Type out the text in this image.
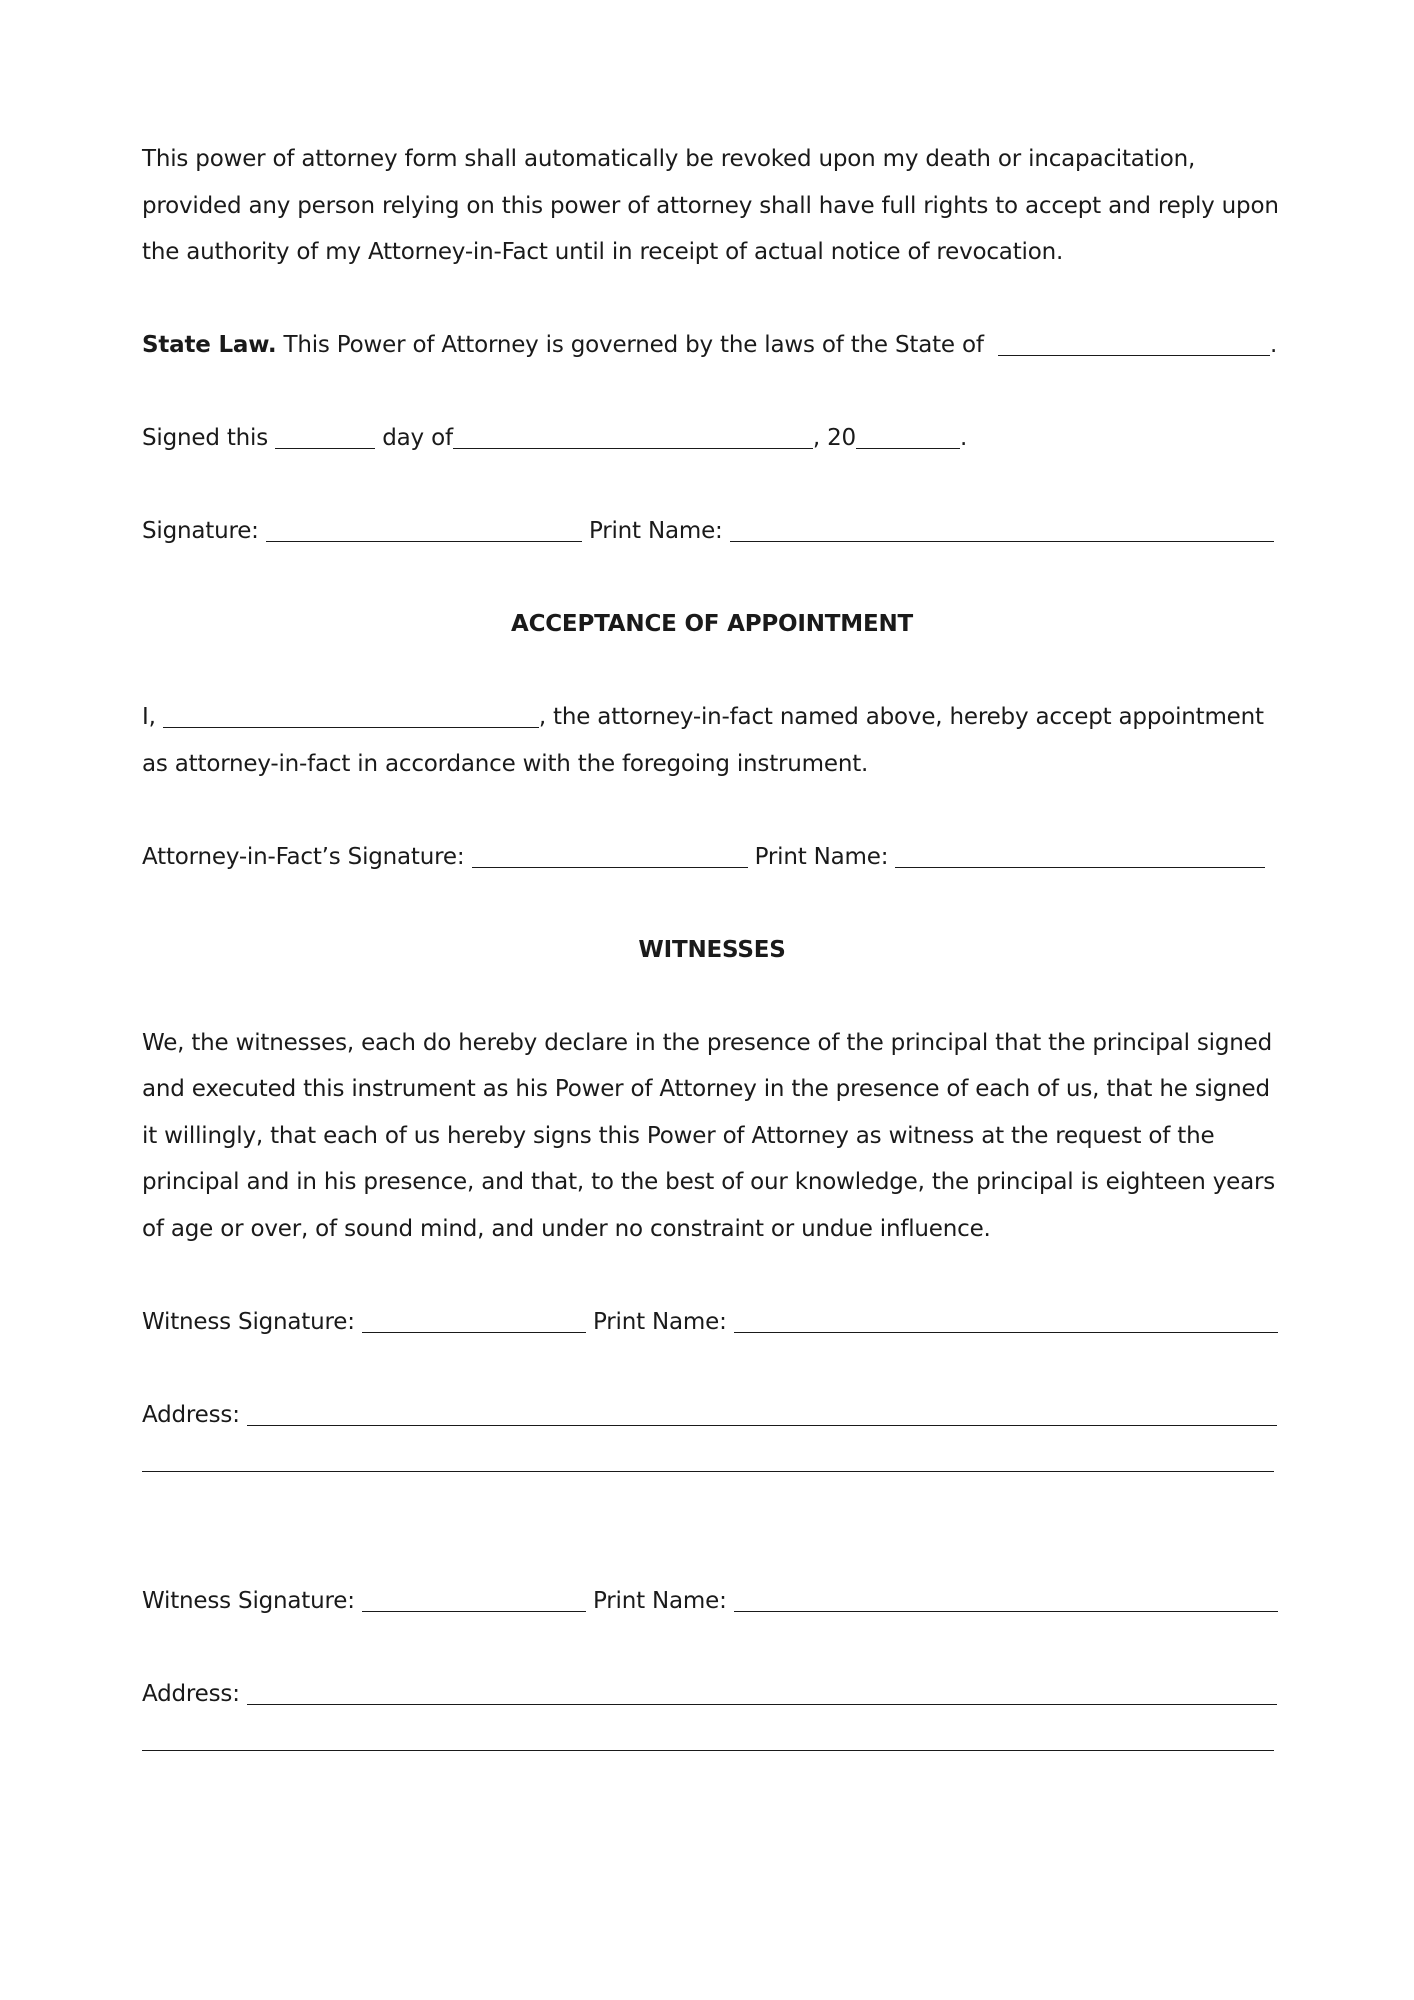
This power of attorney form shall automatically be revoked upon my death or incapacitation, provided any person relying on this power of attorney shall have full rights to accept and reply upon the authority of my Attorney-in-Fact until in receipt of actual notice of revocation.

State Law. This Power of Attorney is governed by the laws of the State of	.

Signed this	day of	, 20	.

Signature:	Print Name:

ACCEPTANCE OF APPOINTMENT

I,	, the attorney-in-fact named above, hereby accept appointment as attorney-in-fact in accordance with the foregoing instrument.

Attorney-in-Fact’s Signature:	Print Name:

WITNESSES

We, the witnesses, each do hereby declare in the presence of the principal that the principal signed and executed this instrument as his Power of Attorney in the presence of each of us, that he signed it willingly, that each of us hereby signs this Power of Attorney as witness at the request of the principal and in his presence, and that, to the best of our knowledge, the principal is eighteen years of age or over, of sound mind, and under no constraint or undue influence.

Witness Signature:	Print Name:

Address:

Witness Signature:	Print Name:

Address:
